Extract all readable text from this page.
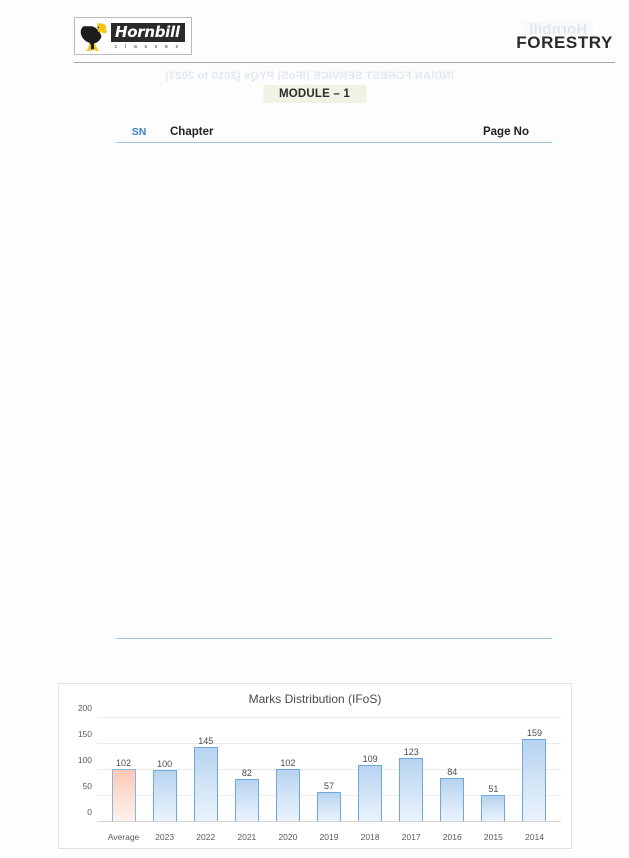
INDIAN FOREST SERVICE (IFoS) PYQs (2010 to 2023)
Hornbill
Hornbill
c l a s s e s	FORESTRY
MODULE – 1
SN	Chapter	Page No
Marks Distribution (IFoS)
0
50
100
150
200
102	100
145
82
102
57
109
123
84
51
159
Average	2023	2022	2021	2020	2019	2018	2017	2016	2015	2014
